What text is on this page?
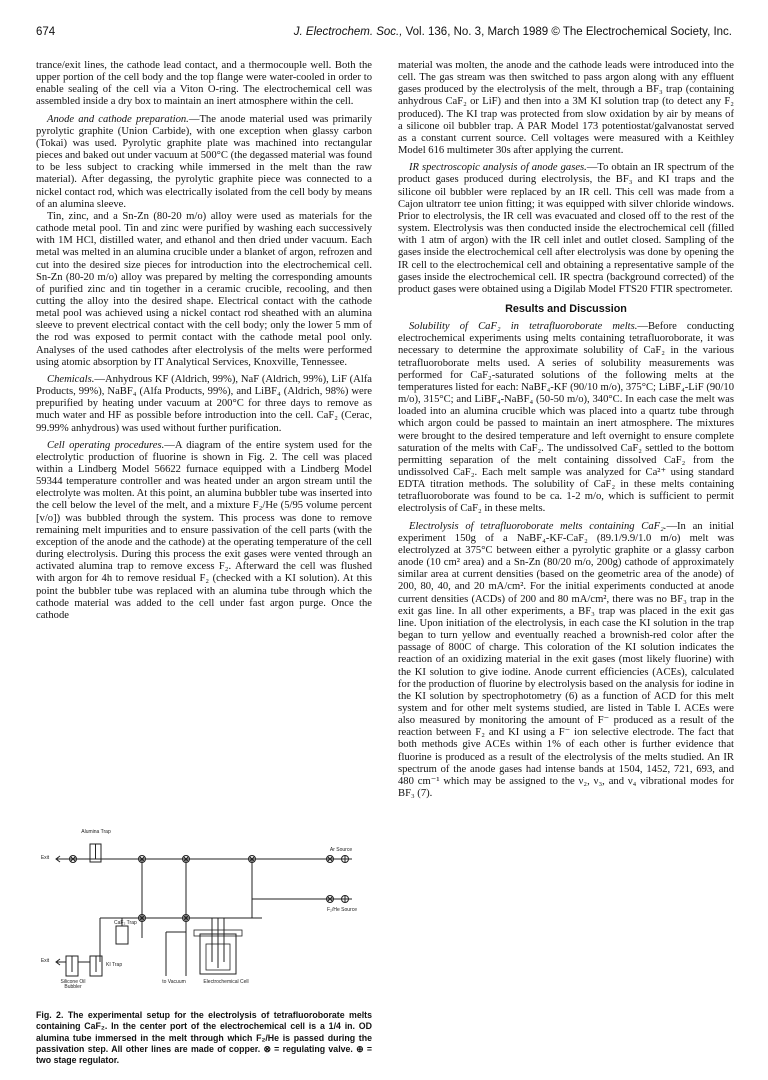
674	J. Electrochem. Soc., Vol. 136, No. 3, March 1989 © The Electrochemical Society, Inc.

trance/exit lines, the cathode lead contact, and a thermocouple well. Both the upper portion of the cell body and the top flange were water-cooled in order to enable sealing of the cell via a Viton O-ring. The electrochemical cell was assembled inside a dry box to maintain an inert atmosphere within the cell.

Anode and cathode preparation.—The anode material used was primarily pyrolytic graphite (Union Carbide), with one exception when glassy carbon (Tokai) was used. Pyrolytic graphite plate was machined into rectangular pieces and baked out under vacuum at 500°C (the degassed material was found to be less subject to cracking while immersed in the melt than the raw material). After degassing, the pyrolytic graphite piece was connected to a nickel contact rod, which was electrically isolated from the cell body by means of an alumina sleeve.

Tin, zinc, and a Sn-Zn (80-20 m/o) alloy were used as materials for the cathode metal pool. Tin and zinc were purified by washing each successively with 1M HCl, distilled water, and ethanol and then dried under vacuum. Each metal was melted in an alumina crucible under a blanket of argon, refrozen and cut into the desired size pieces for introduction into the electrochemical cell. Sn-Zn (80-20 m/o) alloy was prepared by melting the corresponding amounts of purified zinc and tin together in a ceramic crucible, recooling, and then cutting the alloy into the desired shape. Electrical contact with the cathode metal pool was achieved using a nickel contact rod sheathed with an alumina sleeve to prevent electrical contact with the cell body; only the lower 5 mm of the rod was exposed to permit contact with the cathode metal pool only. Analyses of the used cathodes after electrolysis of the melts were performed using atomic absorption by IT Analytical Services, Knoxville, Tennessee.

Chemicals.—Anhydrous KF (Aldrich, 99%), NaF (Aldrich, 99%), LiF (Alfa Products, 99%), NaBF₄ (Alfa Products, 99%), and LiBF₄ (Aldrich, 98%) were prepurified by heating under vacuum at 200°C for three days to remove as much water and HF as possible before introduction into the cell. CaF₂ (Cerac, 99.99% anhydrous) was used without further purification.

Cell operating procedures.—A diagram of the entire system used for the electrolytic production of fluorine is shown in Fig. 2. The cell was placed within a Lindberg Model 56622 furnace equipped with a Lindberg Model 59344 temperature controller and was heated under an argon stream until the electrolyte was molten. At this point, an alumina bubbler tube was inserted into the cell below the level of the melt, and a mixture F₂/He (5/95 volume percent [v/o]) was bubbled through the system. This process was done to remove remaining melt impurities and to ensure passivation of the cell parts (with the exception of the anode and the cathode) at the operating temperature of the cell during electrolysis. During this process the exit gases were vented through an activated alumina trap to remove excess F₂. Afterward the cell was flushed with argon for 4h to remove residual F₂ (checked with a KI solution). At this point the bubbler tube was replaced with an alumina tube through which the cathode material was added to the cell under fast argon purge. Once the cathode

Alumina Trap
Ar Source
Exit
CaF₂ Trap
F₂/He Source
Exit
KI Trap
Silicone Oil Bubbler
to Vacuum	Electrochemical Cell
Fig. 2. The experimental setup for the electrolysis of tetrafluoroborate melts containing CaF₂. In the center port of the electrochemical cell is a 1/4 in. OD alumina tube immersed in the melt through which F₂/He is passed during the passivation step. All other lines are made of copper. ⊗ = regulating valve. ⊕ = two stage regulator.

material was molten, the anode and the cathode leads were introduced into the cell. The gas stream was then switched to pass argon along with any effluent gases produced by the electrolysis of the melt, through a BF₃ trap (containing anhydrous CaF₂ or LiF) and then into a 3M KI solution trap (to detect any F₂ produced). The KI trap was protected from slow oxidation by air by means of a silicone oil bubbler trap. A PAR Model 173 potentiostat/galvanostat served as a constant current source. Cell voltages were measured with a Keithley Model 616 multimeter 30s after applying the current.

IR spectroscopic analysis of anode gases.—To obtain an IR spectrum of the product gases produced during electrolysis, the BF₃ and KI traps and the silicone oil bubbler were replaced by an IR cell. This cell was made from a Cajon ultratorr tee union fitting; it was equipped with silver chloride windows. Prior to electrolysis, the IR cell was evacuated and closed off to the rest of the system. Electrolysis was then conducted inside the electrochemical cell (filled with 1 atm of argon) with the IR cell inlet and outlet closed. Sampling of the gases inside the electrochemical cell after electrolysis was done by opening the IR cell to the electrochemical cell and obtaining a representative sample of the gases inside the electrochemical cell. IR spectra (background corrected) of the product gases were obtained using a Digilab Model FTS20 FTIR spectrometer.

Results and Discussion

Solubility of CaF₂ in tetrafluoroborate melts.—Before conducting electrochemical experiments using melts containing tetrafluoroborate, it was necessary to determine the approximate solubility of CaF₂ in the various tetrafluoroborate melts used. A series of solubility measurements was performed for CaF₂-saturated solutions of the following melts at the temperatures listed for each: NaBF₄-KF (90/10 m/o), 375°C; LiBF₄-LiF (90/10 m/o), 315°C; and LiBF₄-NaBF₄ (50-50 m/o), 340°C. In each case the melt was loaded into an alumina crucible which was placed into a quartz tube through which argon could be passed to maintain an inert atmosphere. The mixtures were brought to the desired temperature and left overnight to ensure complete saturation of the melts with CaF₂. The undissolved CaF₂ settled to the bottom permitting separation of the melt containing dissolved CaF₂ from the undissolved CaF₂. Each melt sample was analyzed for Ca²⁺ using standard EDTA titration methods. The solubility of CaF₂ in these melts containing tetrafluoroborate was found to be ca. 1-2 m/o, which is sufficient to permit electrolysis of CaF₂ in these melts.

Electrolysis of tetrafluoroborate melts containing CaF₂.—In an initial experiment 150g of a NaBF₄-KF-CaF₂ (89.1/9.9/1.0 m/o) melt was electrolyzed at 375°C between either a pyrolytic graphite or a glassy carbon anode (10 cm² area) and a Sn-Zn (80/20 m/o, 200g) cathode of approximately similar area at current densities (based on the geometric area of the anode) of 200, 80, 40, and 20 mA/cm². For the initial experiments conducted at anode current densities (ACDs) of 200 and 80 mA/cm², there was no BF₃ trap in the exit gas line. In all other experiments, a BF₃ trap was placed in the exit gas line. Upon initiation of the electrolysis, in each case the KI solution in the trap began to turn yellow and eventually reached a brownish-red color after the passage of 800C of charge. This coloration of the KI solution indicates the reaction of an oxidizing material in the exit gases (most likely fluorine) with the KI solution to give iodine. Anode current efficiencies (ACEs), calculated for the production of fluorine by electrolysis based on the analysis for iodine in the KI solution by spectrophotometry (6) as a function of ACD for this melt system and for other melt systems studied, are listed in Table I. ACEs were also measured by monitoring the amount of F⁻ produced as a result of the reaction between F₂ and KI using a F⁻ ion selective electrode. The fact that both methods give ACEs within 1% of each other is further evidence that fluorine is produced as a result of the electrolysis of the melts studied. An IR spectrum of the anode gases had intense bands at 1504, 1452, 721, 693, and 480 cm⁻¹ which may be assigned to the ν₂, ν₃, and ν₄ vibrational modes for BF₃ (7).
